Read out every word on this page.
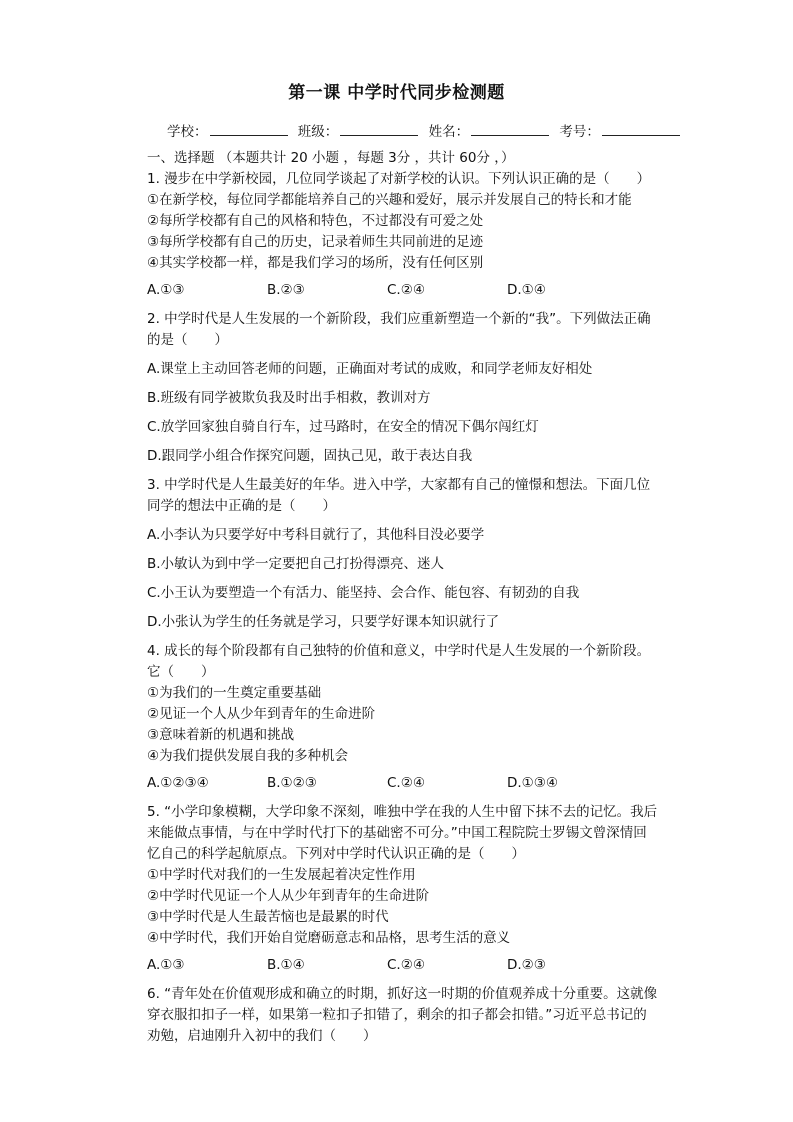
第一课 中学时代同步检测题
学校：	班级：	姓名：	考号：
一、选择题 （本题共计 20 小题 ，每题 3分 ，共计 60分 ，）
1. 漫步在中学新校园，几位同学谈起了对新学校的认识。下列认识正确的是（　　）
①在新学校，每位同学都能培养自己的兴趣和爱好，展示并发展自己的特长和才能
②每所学校都有自己的风格和特色，不过都没有可爱之处
③每所学校都有自己的历史，记录着师生共同前进的足迹
④其实学校都一样，都是我们学习的场所，没有任何区别
A.①③	B.②③	C.②④	D.①④
2. 中学时代是人生发展的一个新阶段，我们应重新塑造一个新的“我”。下列做法正确
的是（　　）
A.课堂上主动回答老师的问题，正确面对考试的成败，和同学老师友好相处
B.班级有同学被欺负我及时出手相救，教训对方
C.放学回家独自骑自行车，过马路时，在安全的情况下偶尔闯红灯
D.跟同学小组合作探究问题，固执己见，敢于表达自我
3. 中学时代是人生最美好的年华。进入中学，大家都有自己的憧憬和想法。下面几位
同学的想法中正确的是（　　）
A.小李认为只要学好中考科目就行了，其他科目没必要学
B.小敏认为到中学一定要把自己打扮得漂亮、迷人
C.小王认为要塑造一个有活力、能坚持、会合作、能包容、有韧劲的自我
D.小张认为学生的任务就是学习，只要学好课本知识就行了
4. 成长的每个阶段都有自己独特的价值和意义，中学时代是人生发展的一个新阶段。
它（　　）
①为我们的一生奠定重要基础
②见证一个人从少年到青年的生命进阶
③意味着新的机遇和挑战
④为我们提供发展自我的多种机会
A.①②③④	B.①②③	C.②④	D.①③④
5. “小学印象模糊，大学印象不深刻，唯独中学在我的人生中留下抹不去的记忆。我后
来能做点事情，与在中学时代打下的基础密不可分。”中国工程院院士罗锡文曾深情回
忆自己的科学起航原点。下列对中学时代认识正确的是（　　）
①中学时代对我们的一生发展起着决定性作用
②中学时代见证一个人从少年到青年的生命进阶
③中学时代是人生最苦恼也是最累的时代
④中学时代，我们开始自觉磨砺意志和品格，思考生活的意义
A.①③	B.①④	C.②④	D.②③
6. “青年处在价值观形成和确立的时期，抓好这一时期的价值观养成十分重要。这就像
穿衣服扣扣子一样，如果第一粒扣子扣错了，剩余的扣子都会扣错。”习近平总书记的
劝勉，启迪刚升入初中的我们（　　）
